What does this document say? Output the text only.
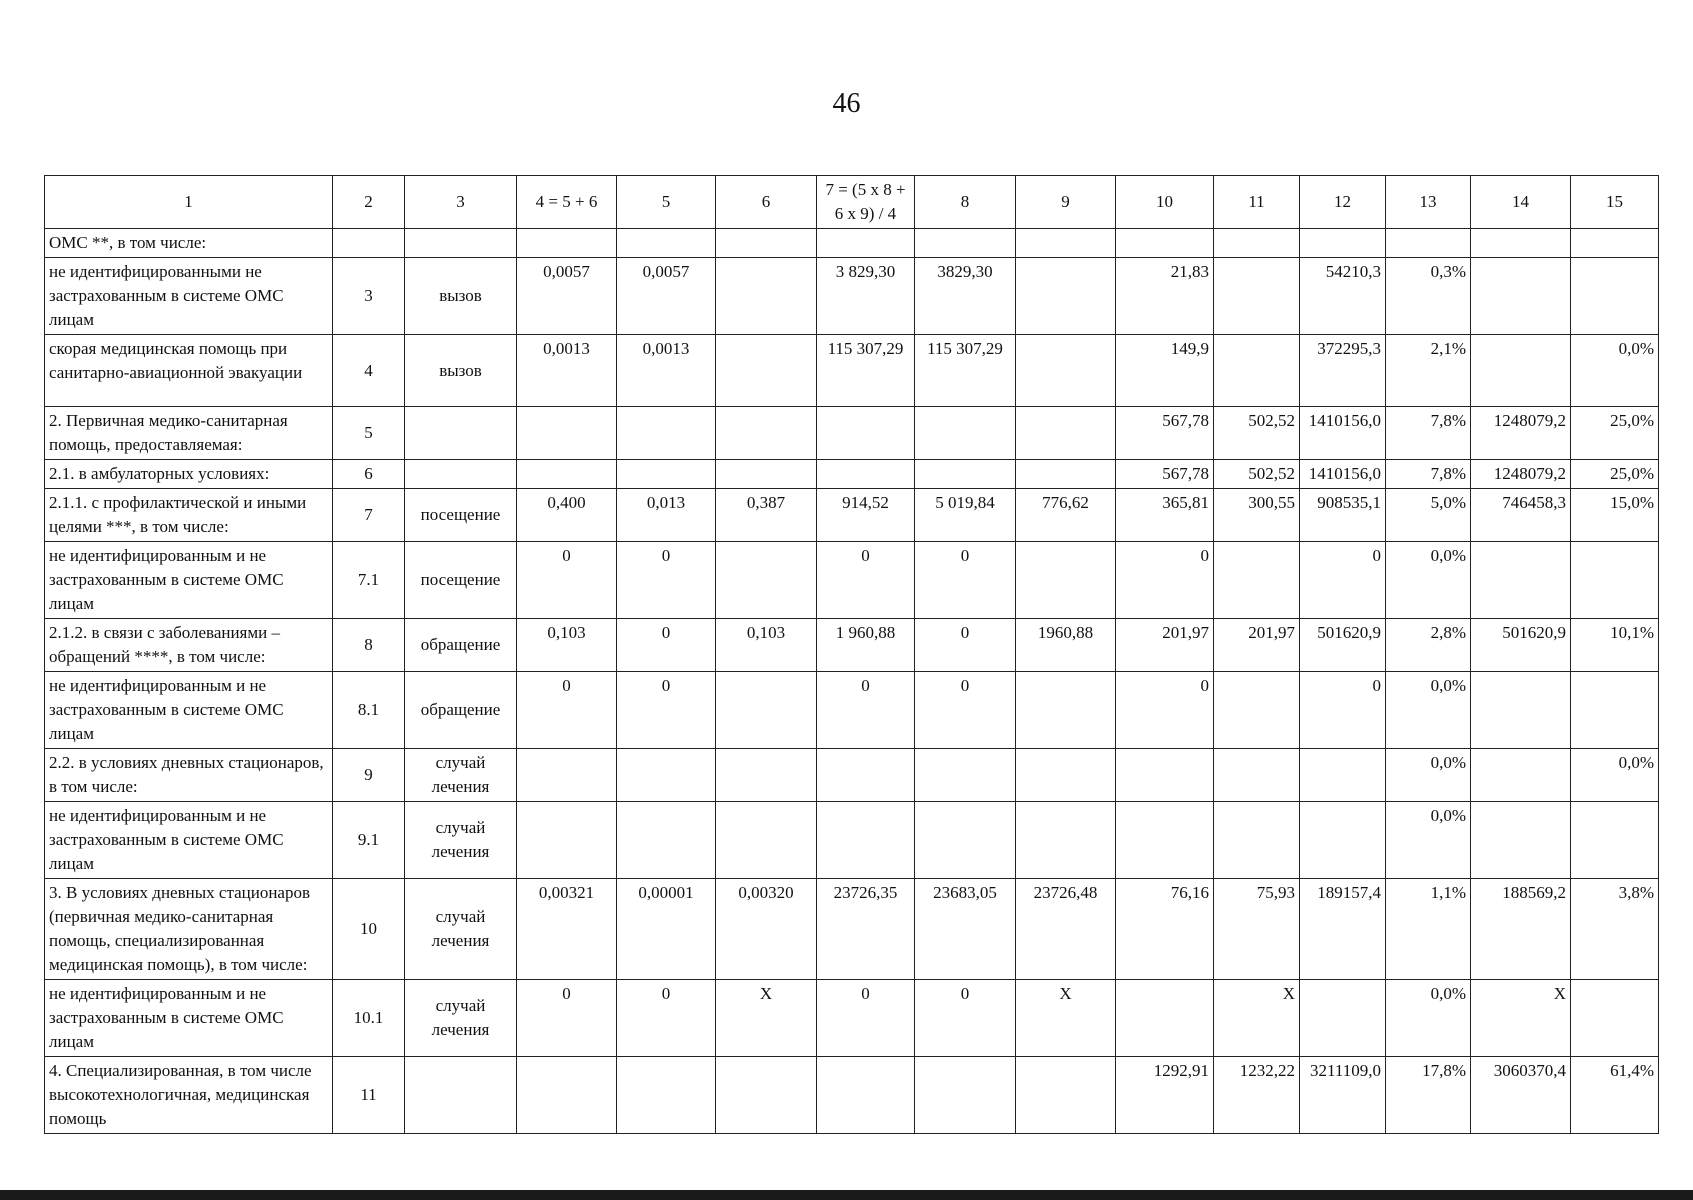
46
1	2	3	4 = 5 + 6	5	6	7 = (5 х 8 + 6 х 9) / 4	8	9	10	11	12	13	14	15
ОМС **, в том числе:														
не идентифицированными не застрахованным в системе ОМС лицам	3	вызов	0,0057	0,0057		3 829,30	3829,30		21,83		54210,3	0,3%		
скорая медицинская помощь при санитарно-авиационной эвакуации	4	вызов	0,0013	0,0013		115 307,29	115 307,29		149,9		372295,3	2,1%		0,0%
2. Первичная медико-санитарная помощь, предоставляемая:	5								567,78	502,52	1410156,0	7,8%	1248079,2	25,0%
2.1. в амбулаторных условиях:	6								567,78	502,52	1410156,0	7,8%	1248079,2	25,0%
2.1.1. с профилактической и иными целями ***, в том числе:	7	посещение	0,400	0,013	0,387	914,52	5 019,84	776,62	365,81	300,55	908535,1	5,0%	746458,3	15,0%
не идентифицированным и не застрахованным в системе ОМС лицам	7.1	посещение	0	0		0	0		0		0	0,0%		
2.1.2. в связи с заболеваниями – обращений ****, в том числе:	8	обращение	0,103	0	0,103	1 960,88	0	1960,88	201,97	201,97	501620,9	2,8%	501620,9	10,1%
не идентифицированным и не застрахованным в системе ОМС лицам	8.1	обращение	0	0		0	0		0		0	0,0%		
2.2. в условиях дневных стационаров, в том числе:	9	случай лечения										0,0%		0,0%
не идентифицированным и не застрахованным в системе ОМС лицам	9.1	случай лечения										0,0%		
3. В условиях дневных стационаров (первичная медико-санитарная помощь, специализированная медицинская помощь), в том числе:	10	случай лечения	0,00321	0,00001	0,00320	23726,35	23683,05	23726,48	76,16	75,93	189157,4	1,1%	188569,2	3,8%
не идентифицированным и не застрахованным в системе ОМС лицам	10.1	случай лечения	0	0	Х	0	0	Х		Х		0,0%	Х	
4. Специализированная, в том числе высокотехнологичная, медицинская помощь	11								1292,91	1232,22	3211109,0	17,8%	3060370,4	61,4%
